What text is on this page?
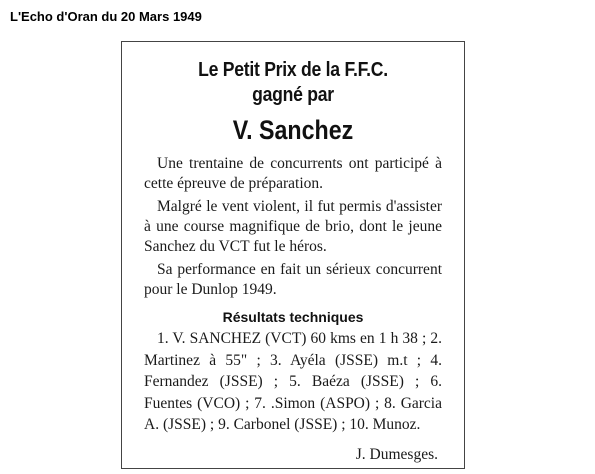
L'Echo d'Oran du 20 Mars 1949
Le Petit Prix de la F.F.C.
gagné par
V. Sanchez

Une trentaine de concurrents ont participé à cette épreuve de préparation.

Malgré le vent violent, il fut permis d'assister à une course magnifique de brio, dont le jeune Sanchez du VCT fut le héros.

Sa performance en fait un sérieux concurrent pour le Dunlop 1949.

Résultats techniques

1. V. SANCHEZ (VCT) 60 kms en 1 h 38 ; 2. Martinez à 55" ; 3. Ayéla (JSSE) m.t ; 4. Fernandez (JSSE) ; 5. Baéza (JSSE) ; 6. Fuentes (VCO) ; 7. .Simon (ASPO) ; 8. Garcia A. (JSSE) ; 9. Carbonel (JSSE) ; 10. Munoz.

J. Dumesges.
